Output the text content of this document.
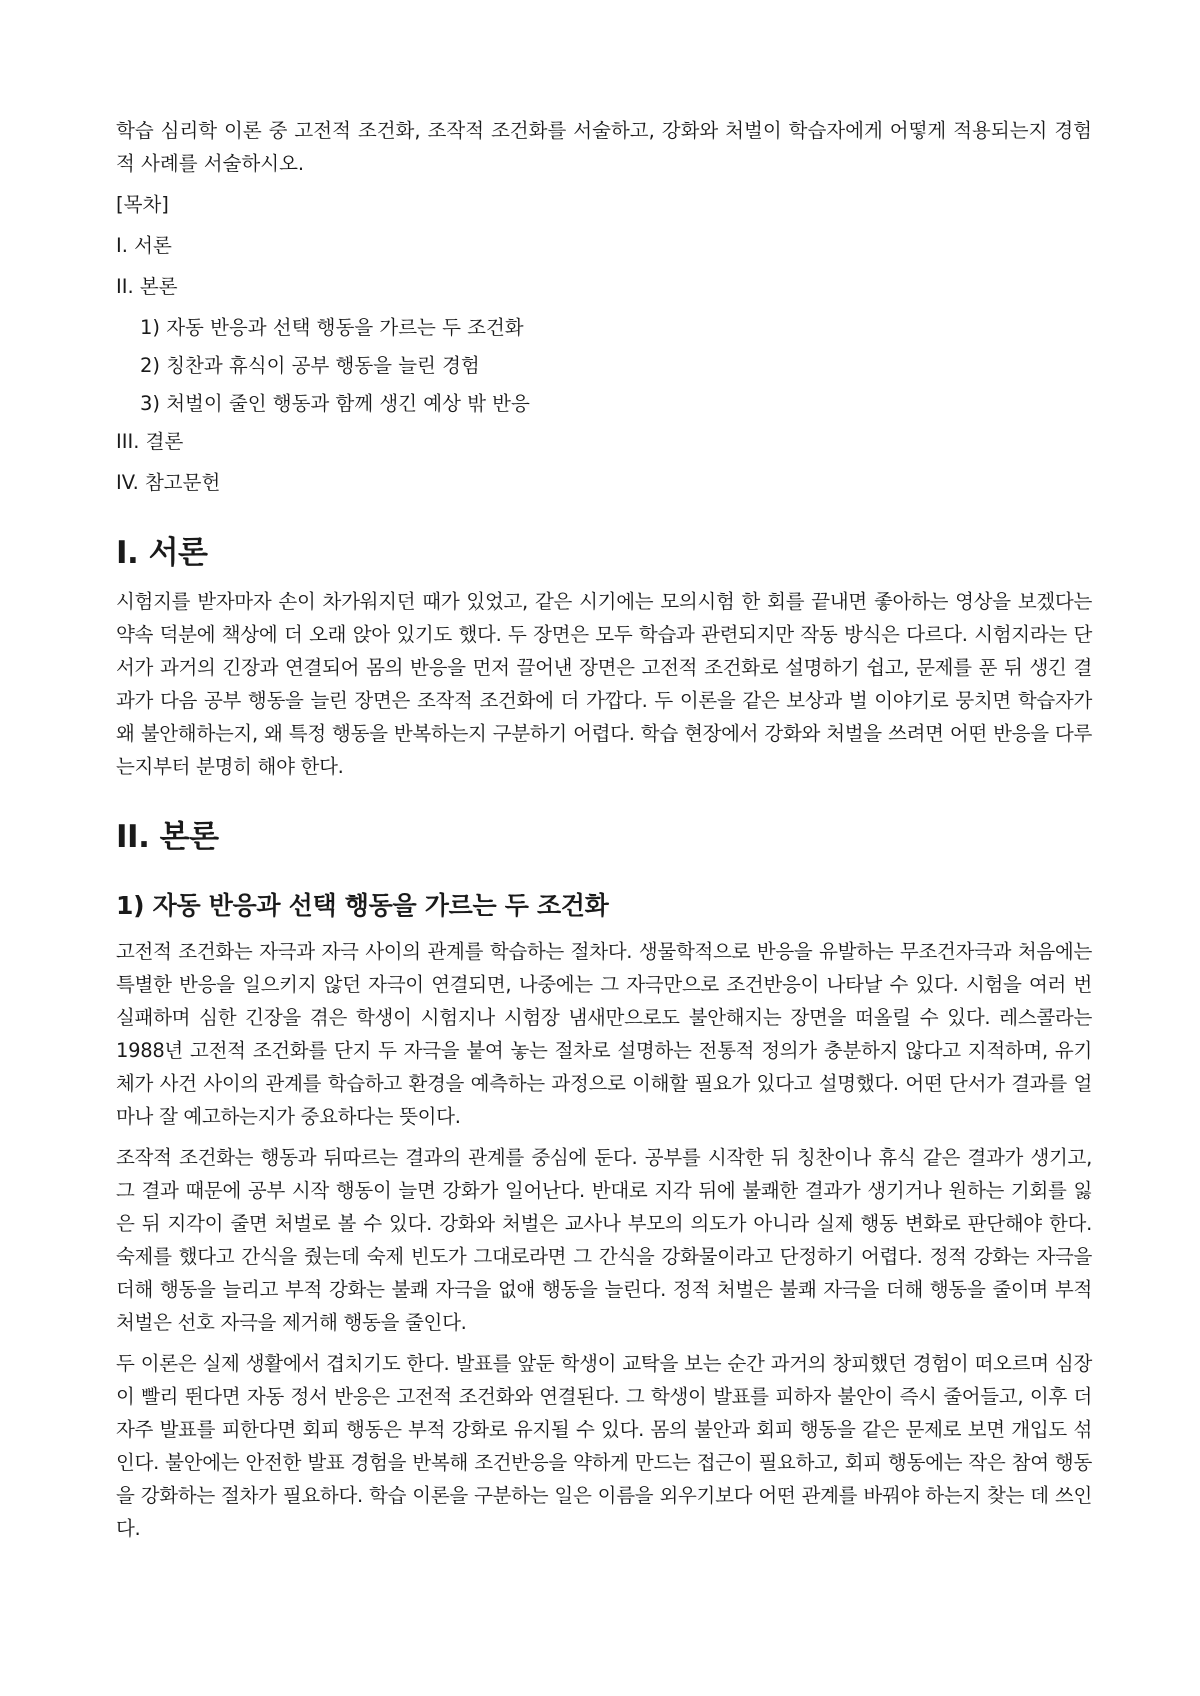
학습 심리학 이론 중 고전적 조건화, 조작적 조건화를 서술하고, 강화와 처벌이 학습자에게 어떻게 적용되는지 경험적 사례를 서술하시오.

[목차]
I. 서론
II. 본론
1) 자동 반응과 선택 행동을 가르는 두 조건화
2) 칭찬과 휴식이 공부 행동을 늘린 경험
3) 처벌이 줄인 행동과 함께 생긴 예상 밖 반응
III. 결론
IV. 참고문헌
I. 서론

시험지를 받자마자 손이 차가워지던 때가 있었고, 같은 시기에는 모의시험 한 회를 끝내면 좋아하는 영상을 보겠다는 약속 덕분에 책상에 더 오래 앉아 있기도 했다. 두 장면은 모두 학습과 관련되지만 작동 방식은 다르다. 시험지라는 단서가 과거의 긴장과 연결되어 몸의 반응을 먼저 끌어낸 장면은 고전적 조건화로 설명하기 쉽고, 문제를 푼 뒤 생긴 결과가 다음 공부 행동을 늘린 장면은 조작적 조건화에 더 가깝다. 두 이론을 같은 보상과 벌 이야기로 뭉치면 학습자가 왜 불안해하는지, 왜 특정 행동을 반복하는지 구분하기 어렵다. 학습 현장에서 강화와 처벌을 쓰려면 어떤 반응을 다루는지부터 분명히 해야 한다.

II. 본론
1) 자동 반응과 선택 행동을 가르는 두 조건화

고전적 조건화는 자극과 자극 사이의 관계를 학습하는 절차다. 생물학적으로 반응을 유발하는 무조건자극과 처음에는 특별한 반응을 일으키지 않던 자극이 연결되면, 나중에는 그 자극만으로 조건반응이 나타날 수 있다. 시험을 여러 번 실패하며 심한 긴장을 겪은 학생이 시험지나 시험장 냄새만으로도 불안해지는 장면을 떠올릴 수 있다. 레스콜라는 1988년 고전적 조건화를 단지 두 자극을 붙여 놓는 절차로 설명하는 전통적 정의가 충분하지 않다고 지적하며, 유기체가 사건 사이의 관계를 학습하고 환경을 예측하는 과정으로 이해할 필요가 있다고 설명했다. 어떤 단서가 결과를 얼마나 잘 예고하는지가 중요하다는 뜻이다.

조작적 조건화는 행동과 뒤따르는 결과의 관계를 중심에 둔다. 공부를 시작한 뒤 칭찬이나 휴식 같은 결과가 생기고, 그 결과 때문에 공부 시작 행동이 늘면 강화가 일어난다. 반대로 지각 뒤에 불쾌한 결과가 생기거나 원하는 기회를 잃은 뒤 지각이 줄면 처벌로 볼 수 있다. 강화와 처벌은 교사나 부모의 의도가 아니라 실제 행동 변화로 판단해야 한다. 숙제를 했다고 간식을 줬는데 숙제 빈도가 그대로라면 그 간식을 강화물이라고 단정하기 어렵다. 정적 강화는 자극을 더해 행동을 늘리고 부적 강화는 불쾌 자극을 없애 행동을 늘린다. 정적 처벌은 불쾌 자극을 더해 행동을 줄이며 부적 처벌은 선호 자극을 제거해 행동을 줄인다.

두 이론은 실제 생활에서 겹치기도 한다. 발표를 앞둔 학생이 교탁을 보는 순간 과거의 창피했던 경험이 떠오르며 심장이 빨리 뛴다면 자동 정서 반응은 고전적 조건화와 연결된다. 그 학생이 발표를 피하자 불안이 즉시 줄어들고, 이후 더 자주 발표를 피한다면 회피 행동은 부적 강화로 유지될 수 있다. 몸의 불안과 회피 행동을 같은 문제로 보면 개입도 섞인다. 불안에는 안전한 발표 경험을 반복해 조건반응을 약하게 만드는 접근이 필요하고, 회피 행동에는 작은 참여 행동을 강화하는 절차가 필요하다. 학습 이론을 구분하는 일은 이름을 외우기보다 어떤 관계를 바꿔야 하는지 찾는 데 쓰인다.
